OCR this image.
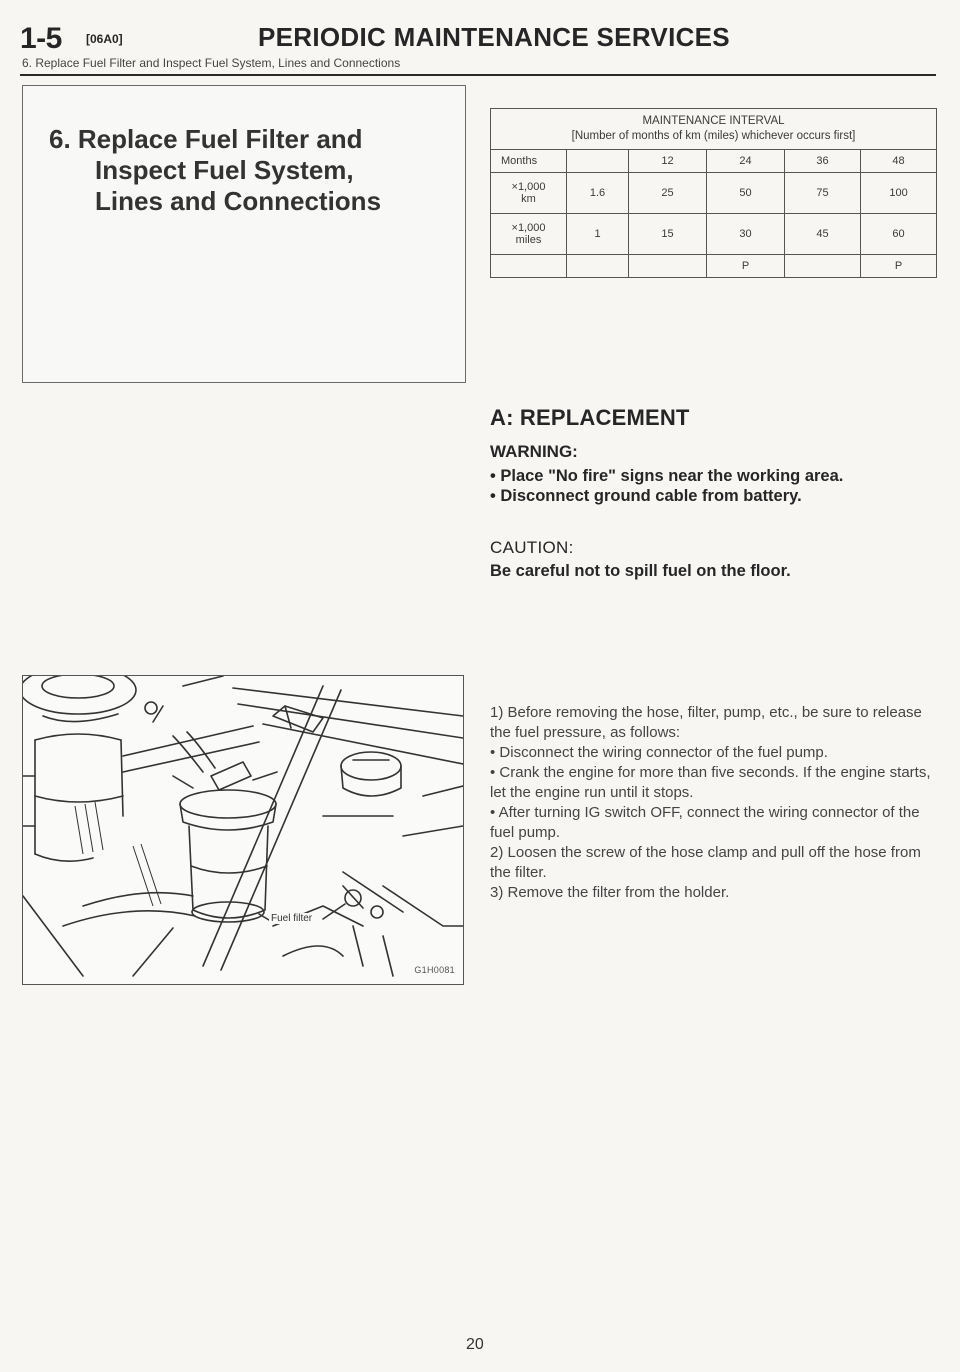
1-5 [06A0]	PERIODIC MAINTENANCE SERVICES
6. Replace Fuel Filter and Inspect Fuel System, Lines and Connections
6. Replace Fuel Filter and
Inspect Fuel System,
Lines and Connections
MAINTENANCE INTERVAL
[Number of months of km (miles) whichever occurs first]					

Months		12	24	36	48

×1,000
km	1.6	25	50	75	100

×1,000
miles	1	15	30	45	60
			P		P
A: REPLACEMENT
WARNING:
• Place "No fire" signs near the working area.
• Disconnect ground cable from battery.
CAUTION:
Be careful not to spill fuel on the floor.
Fuel filter
G1H0081

1) Before removing the hose, filter, pump, etc., be sure to release the fuel pressure, as follows:

• Disconnect the wiring connector of the fuel pump.

• Crank the engine for more than five seconds. If the engine starts, let the engine run until it stops.

• After turning IG switch OFF, connect the wiring connector of the fuel pump.

2) Loosen the screw of the hose clamp and pull off the hose from the filter.

3) Remove the filter from the holder.

20
